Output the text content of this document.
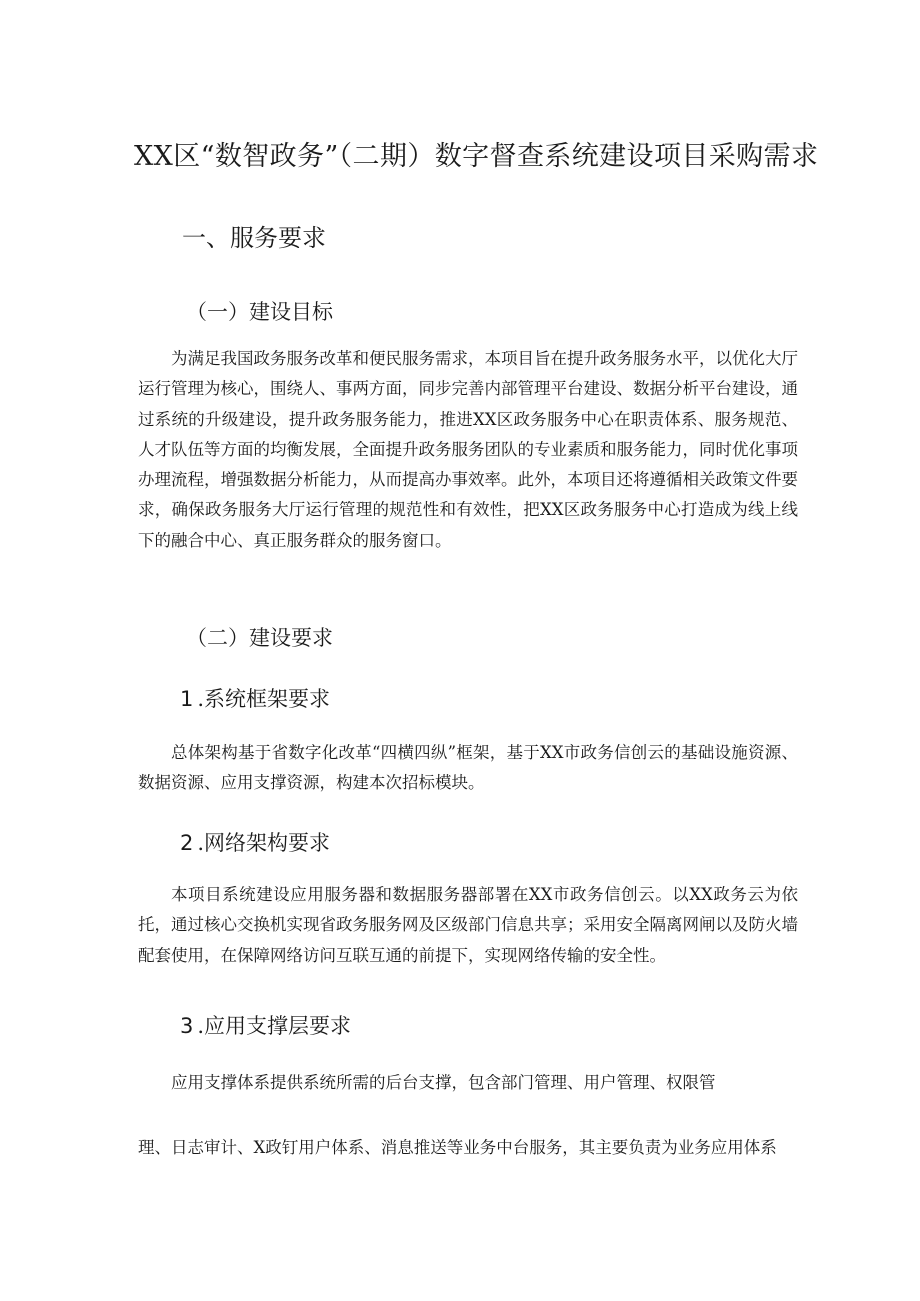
XX区“数智政务”（二期）数字督查系统建设项目采购需求
一、服务要求
（一）建设目标

为满足我国政务服务改革和便民服务需求，本项目旨在提升政务服务水平，以优化大厅运行管理为核心，围绕人、事两方面，同步完善内部管理平台建设、数据分析平台建设，通过系统的升级建设，提升政务服务能力，推进XX区政务服务中心在职责体系、服务规范、人才队伍等方面的均衡发展，全面提升政务服务团队的专业素质和服务能力，同时优化事项办理流程，增强数据分析能力，从而提高办事效率。此外，本项目还将遵循相关政策文件要求，确保政务服务大厅运行管理的规范性和有效性，把XX区政务服务中心打造成为线上线下的融合中心、真正服务群众的服务窗口。

（二）建设要求
1 .系统框架要求

总体架构基于省数字化改革“四横四纵”框架，基于XX市政务信创云的基础设施资源、数据资源、应用支撑资源，构建本次招标模块。

2 .网络架构要求

本项目系统建设应用服务器和数据服务器部署在XX市政务信创云。以XX政务云为依托，通过核心交换机实现省政务服务网及区级部门信息共享；采用安全隔离网闸以及防火墙配套使用，在保障网络访问互联互通的前提下，实现网络传输的安全性。

3 .应用支撑层要求
应用支撑体系提供系统所需的后台支撑，包含部门管理、用户管理、权限管
理、日志审计、X政钉用户体系、消息推送等业务中台服务，其主要负责为业务应用体系
